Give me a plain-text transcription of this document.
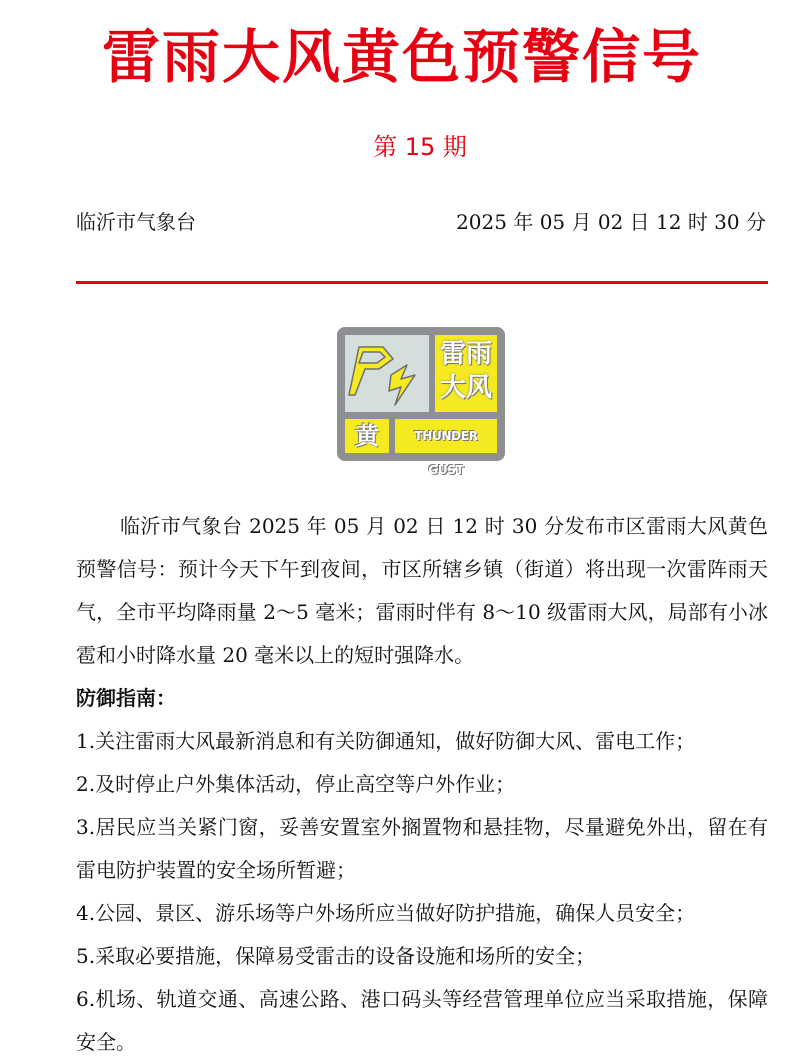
雷雨大风黄色预警信号
第 15 期
临沂市气象台	2025 年 05 月 02 日 12 时 30 分
雷雨大风
黄	THUNDER GUST

临沂市气象台 2025 年 05 月 02 日 12 时 30 分发布市区雷雨大风黄色预警信号：预计今天下午到夜间，市区所辖乡镇（街道）将出现一次雷阵雨天气，全市平均降雨量 2～5 毫米；雷雨时伴有 8～10 级雷雨大风，局部有小冰雹和小时降水量 20 毫米以上的短时强降水。

防御指南：

1.关注雷雨大风最新消息和有关防御通知，做好防御大风、雷电工作；

2.及时停止户外集体活动，停止高空等户外作业；

3.居民应当关紧门窗，妥善安置室外搁置物和悬挂物，尽量避免外出，留在有雷电防护装置的安全场所暂避；

4.公园、景区、游乐场等户外场所应当做好防护措施，确保人员安全；

5.采取必要措施，保障易受雷击的设备设施和场所的安全；

6.机场、轨道交通、高速公路、港口码头等经营管理单位应当采取措施，保障安全。
